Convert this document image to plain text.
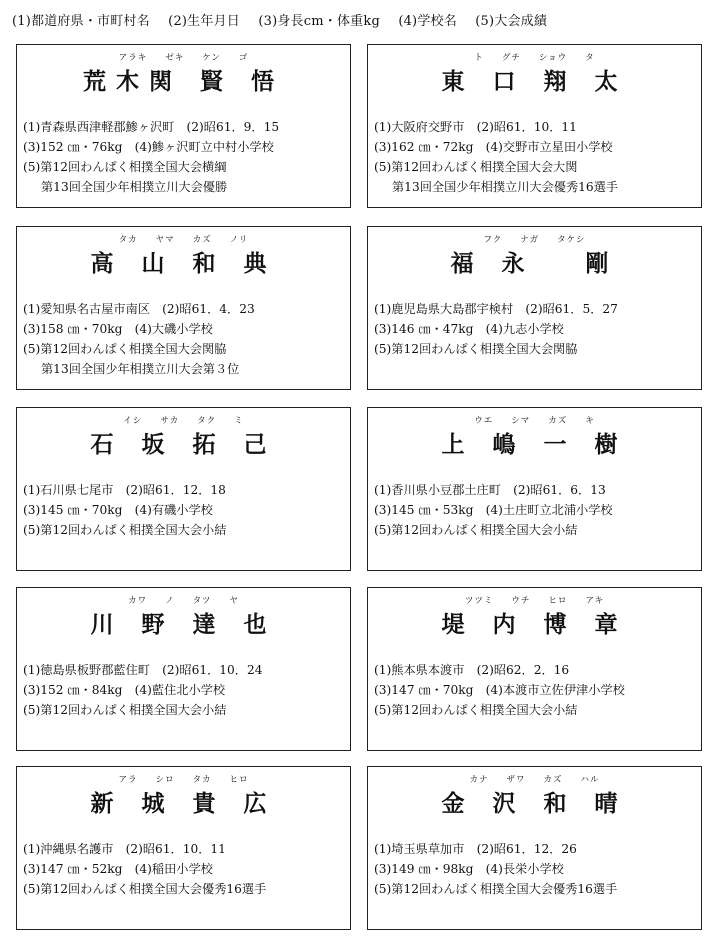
(1)都道府県・市町村名 (2)生年月日 (3)身長cm・体重kg (4)学校名 (5)大会成績
アラキ ゼキ ケン ゴ
荒木関 賢 悟
(1)青森県西津軽郡鯵ヶ沢町　(2)昭61．9．15
(3)152 ㎝・76kg　(4)鯵ヶ沢町立中村小学校
(5)第12回わんぱく相撲全国大会横綱
第13回全国少年相撲立川大会優勝
ト グチ ショウ タ
東 口 翔 太
(1)大阪府交野市　(2)昭61．10．11
(3)162 ㎝・72kg　(4)交野市立星田小学校
(5)第12回わんぱく相撲全国大会大関
第13回全国少年相撲立川大会優秀16選手
タカ ヤマ カズ ノリ
高 山 和 典
(1)愛知県名古屋市南区　(2)昭61．4．23
(3)158 ㎝・70kg　(4)大磯小学校
(5)第12回わんぱく相撲全国大会関脇
第13回全国少年相撲立川大会第３位
フク ナガ タケシ
福 永 　剛
(1)鹿児島県大島郡宇検村　(2)昭61．5．27
(3)146 ㎝・47kg　(4)九志小学校
(5)第12回わんぱく相撲全国大会関脇
イシ サカ タク ミ
石 坂 拓 己
(1)石川県七尾市　(2)昭61．12．18
(3)145 ㎝・70kg　(4)有磯小学校
(5)第12回わんぱく相撲全国大会小結
ウエ シマ カズ キ
上 嶋 一 樹
(1)香川県小豆郡土庄町　(2)昭61．6．13
(3)145 ㎝・53kg　(4)土庄町立北浦小学校
(5)第12回わんぱく相撲全国大会小結
カワ ノ タツ ヤ
川 野 達 也
(1)徳島県板野郡藍住町　(2)昭61．10．24
(3)152 ㎝・84kg　(4)藍住北小学校
(5)第12回わんぱく相撲全国大会小結
ツツミ ウチ ヒロ アキ
堤 内 博 章
(1)熊本県本渡市　(2)昭62．2．16
(3)147 ㎝・70kg　(4)本渡市立佐伊津小学校
(5)第12回わんぱく相撲全国大会小結
アラ シロ タカ ヒロ
新 城 貴 広
(1)沖縄県名護市　(2)昭61．10．11
(3)147 ㎝・52kg　(4)稲田小学校
(5)第12回わんぱく相撲全国大会優秀16選手
カナ ザワ カズ ハル
金 沢 和 晴
(1)埼玉県草加市　(2)昭61．12．26
(3)149 ㎝・98kg　(4)長栄小学校
(5)第12回わんぱく相撲全国大会優秀16選手
